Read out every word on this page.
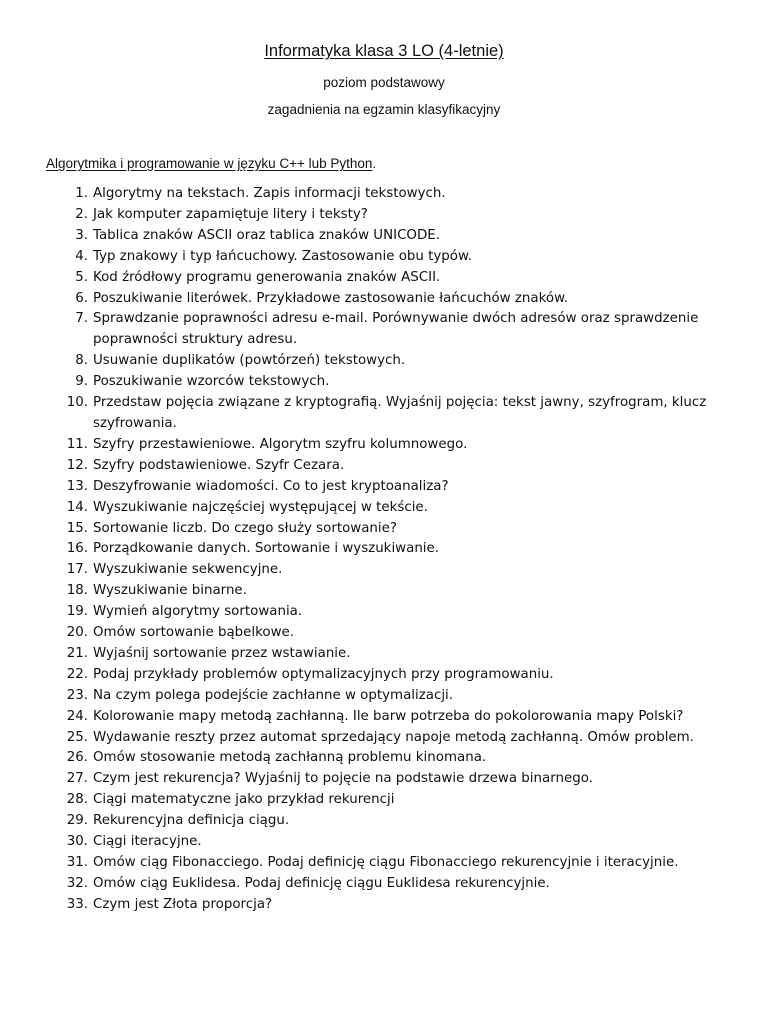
Informatyka klasa 3 LO (4-letnie)
poziom podstawowy
zagadnienia na egzamin klasyfikacyjny
Algorytmika i programowanie w języku C++ lub Python.
1. Algorytmy na tekstach. Zapis informacji tekstowych.
2. Jak komputer zapamiętuje litery i teksty?
3. Tablica znaków ASCII oraz tablica znaków UNICODE.
4. Typ znakowy i typ łańcuchowy. Zastosowanie obu typów.
5. Kod źródłowy programu generowania znaków ASCII.
6. Poszukiwanie literówek. Przykładowe zastosowanie łańcuchów znaków.
7. Sprawdzanie poprawności adresu e-mail. Porównywanie dwóch adresów oraz sprawdzenie poprawności struktury adresu.
8. Usuwanie duplikatów (powtórzeń) tekstowych.
9. Poszukiwanie wzorców tekstowych.
10. Przedstaw pojęcia związane z kryptografią. Wyjaśnij pojęcia: tekst jawny, szyfrogram, klucz szyfrowania.
11. Szyfry przestawieniowe. Algorytm szyfru kolumnowego.
12. Szyfry podstawieniowe. Szyfr Cezara.
13. Deszyfrowanie wiadomości. Co to jest kryptoanaliza?
14. Wyszukiwanie najczęściej występującej w tekście.
15. Sortowanie liczb. Do czego służy sortowanie?
16. Porządkowanie danych. Sortowanie i wyszukiwanie.
17. Wyszukiwanie sekwencyjne.
18. Wyszukiwanie binarne.
19. Wymień algorytmy sortowania.
20. Omów sortowanie bąbelkowe.
21. Wyjaśnij sortowanie przez wstawianie.
22. Podaj przykłady problemów optymalizacyjnych przy programowaniu.
23. Na czym polega podejście zachłanne w optymalizacji.
24. Kolorowanie mapy metodą zachłanną. Ile barw potrzeba do pokolorowania mapy Polski?
25. Wydawanie reszty przez automat sprzedający napoje metodą zachłanną. Omów problem.
26. Omów stosowanie metodą zachłanną problemu kinomana.
27. Czym jest rekurencja? Wyjaśnij to pojęcie na podstawie drzewa binarnego.
28. Ciągi matematyczne jako przykład rekurencji
29. Rekurencyjna definicja ciągu.
30. Ciągi iteracyjne.
31. Omów ciąg Fibonacciego. Podaj definicję ciągu Fibonacciego rekurencyjnie i iteracyjnie.
32. Omów ciąg Euklidesa. Podaj definicję ciągu Euklidesa rekurencyjnie.
33. Czym jest Złota proporcja?
